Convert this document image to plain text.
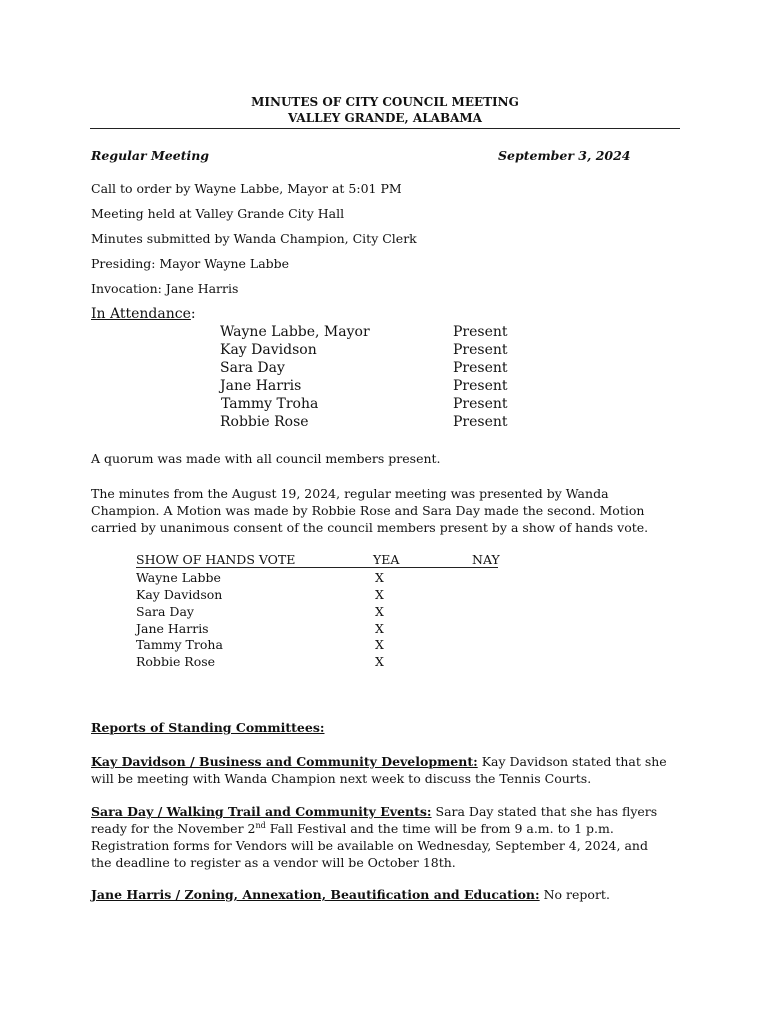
MINUTES OF CITY COUNCIL MEETING
VALLEY GRANDE, ALABAMA
Regular Meeting	September 3, 2024
Call to order by Wayne Labbe, Mayor at 5:01 PM
Meeting held at Valley Grande City Hall
Minutes submitted by Wanda Champion, City Clerk
Presiding: Mayor Wayne Labbe
Invocation: Jane Harris
In Attendance:
Wayne Labbe, Mayor	Present
Kay Davidson	Present
Sara Day	Present
Jane Harris	Present
Tammy Troha	Present
Robbie Rose	Present
A quorum was made with all council members present.
The minutes from the August 19, 2024, regular meeting was presented by Wanda Champion. A Motion was made by Robbie Rose and Sara Day made the second. Motion carried by unanimous consent of the council members present by a show of hands vote.
SHOW OF HANDS VOTE	YEA	NAY
Wayne Labbe	X
Kay Davidson	X
Sara Day	X
Jane Harris	X
Tammy Troha	X
Robbie Rose	X
Reports of Standing Committees:
Kay Davidson / Business and Community Development: Kay Davidson stated that she will be meeting with Wanda Champion next week to discuss the Tennis Courts.
Sara Day / Walking Trail and Community Events: Sara Day stated that she has flyers ready for the November 2nd Fall Festival and the time will be from 9 a.m. to 1 p.m. Registration forms for Vendors will be available on Wednesday, September 4, 2024, and the deadline to register as a vendor will be October 18th.
Jane Harris / Zoning, Annexation, Beautification and Education: No report.
